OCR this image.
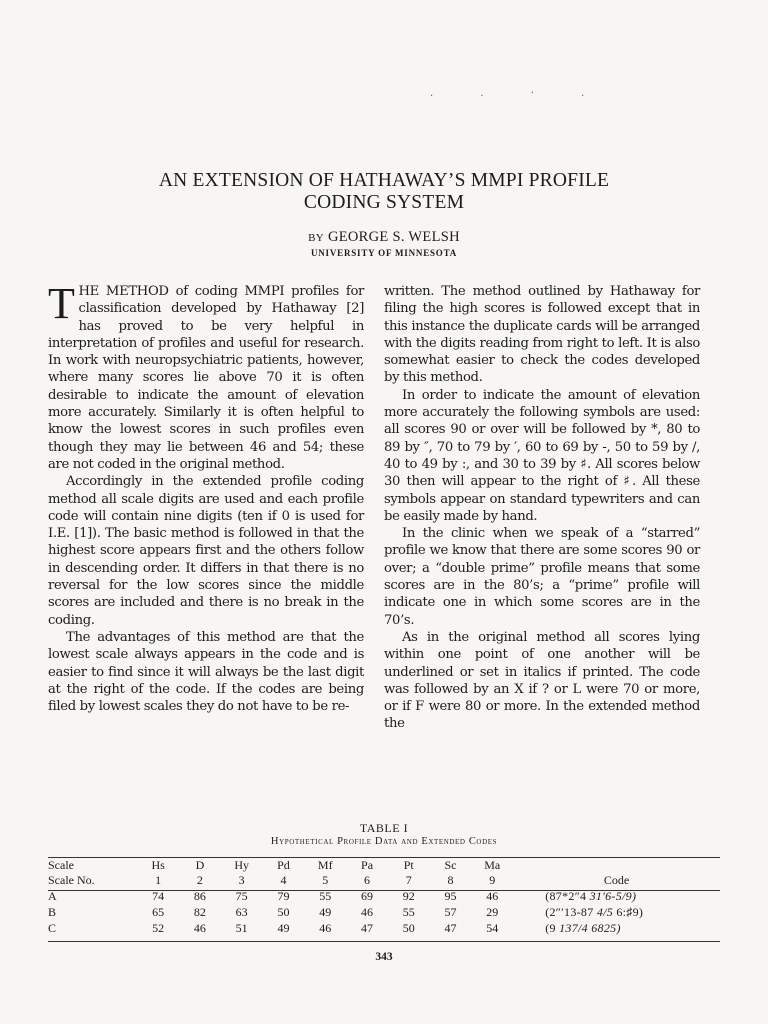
. . · .
AN EXTENSION OF HATHAWAY’S MMPI PROFILE
CODING SYSTEM
BY GEORGE S. WELSH
UNIVERSITY OF MINNESOTA

THE METHOD of coding MMPI profiles for classification developed by Hathaway [2] has proved to be very helpful in interpretation of profiles and useful for research. In work with neuropsychiatric patients, however, where many scores lie above 70 it is often desirable to indicate the amount of elevation more accurately. Similarly it is often helpful to know the lowest scores in such profiles even though they may lie between 46 and 54; these are not coded in the original method.

Accordingly in the extended profile coding method all scale digits are used and each profile code will contain nine digits (ten if 0 is used for I.E. [1]). The basic method is followed in that the highest score appears first and the others follow in descending order. It differs in that there is no reversal for the low scores since the middle scores are included and there is no break in the coding.

The advantages of this method are that the lowest scale always appears in the code and is easier to find since it will always be the last digit at the right of the code. If the codes are being filed by lowest scales they do not have to be re-

written. The method outlined by Hathaway for filing the high scores is followed except that in this instance the duplicate cards will be arranged with the digits reading from right to left. It is also somewhat easier to check the codes developed by this method.

In order to indicate the amount of elevation more accurately the following symbols are used: all scores 90 or over will be followed by *, 80 to 89 by ″, 70 to 79 by ′, 60 to 69 by -, 50 to 59 by /, 40 to 49 by :, and 30 to 39 by ♯. All scores below 30 then will appear to the right of ♯. All these symbols appear on standard typewriters and can be easily made by hand.

In the clinic when we speak of a “starred” profile we know that there are some scores 90 or over; a “double prime” profile means that some scores are in the 80’s; a “prime” profile will indicate one in which some scores are in the 70’s.

As in the original method all scores lying within one point of one another will be underlined or set in italics if printed. The code was followed by an X if ? or L were 70 or more, or if F were 80 or more. In the extended method the

TABLE I
Hypothetical Profile Data and Extended Codes
Scale	Hs	D	Hy	Pd	Mf	Pa	Pt	Sc	Ma	
Scale No.	1	2	3	4	5	6	7	8	9	Code
A	74	86	75	79	55	69	92	95	46	(87*2″4 31′6-5/9)
B	65	82	63	50	49	46	55	57	29	(2″′13-87 4/5 6:♯9)
C	52	46	51	49	46	47	50	47	54	(9 137/4 6825)
343
